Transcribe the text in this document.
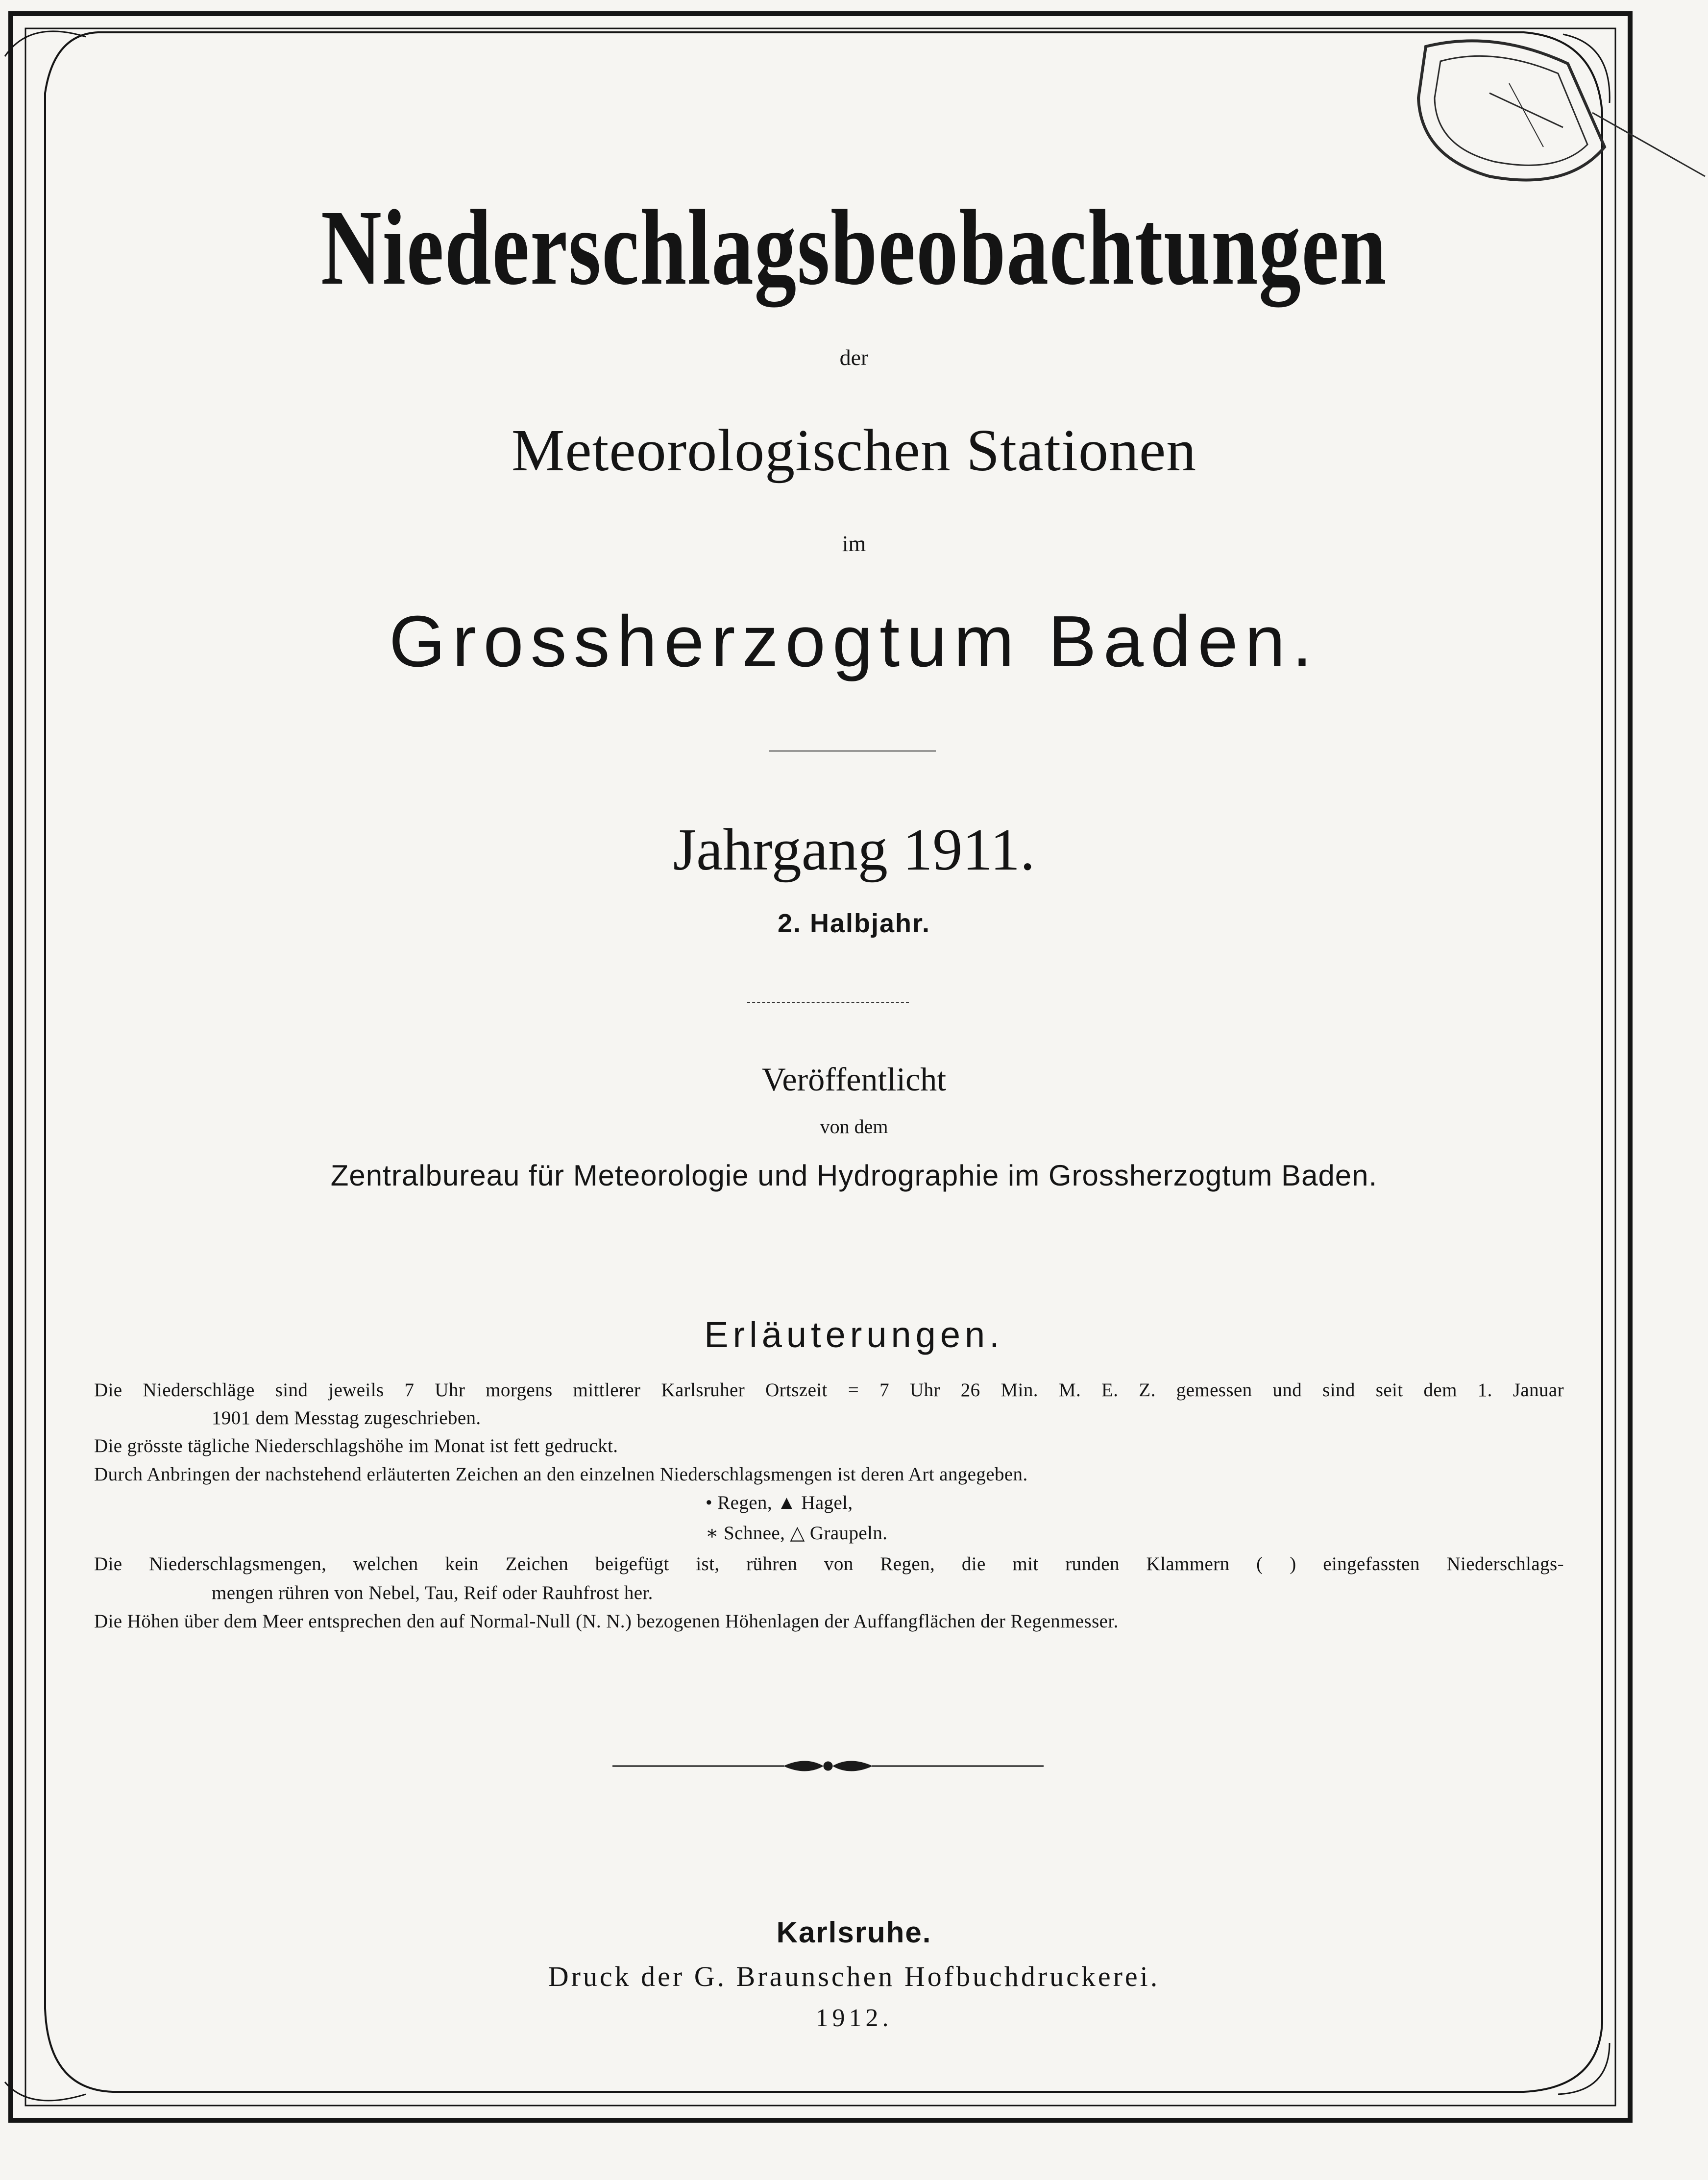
Niederschlagsbeobachtungen
der
Meteorologischen Stationen
im
Grossherzogtum Baden.
Jahrgang 1911.
2. Halbjahr.
Veröffentlicht
von dem
Zentralbureau für Meteorologie und Hydrographie im Grossherzogtum Baden.
Erläuterungen.
Die Niederschläge sind jeweils 7 Uhr morgens mittlerer Karlsruher Ortszeit = 7 Uhr 26 Min. M. E. Z. gemessen und sind seit dem 1. Januar
1901 dem Messtag zugeschrieben.
Die grösste tägliche Niederschlagshöhe im Monat ist fett gedruckt.
Durch Anbringen der nachstehend erläuterten Zeichen an den einzelnen Niederschlagsmengen ist deren Art angegeben.
• Regen, ▲ Hagel,
∗ Schnee, △ Graupeln.
Die Niederschlagsmengen, welchen kein Zeichen beigefügt ist, rühren von Regen, die mit runden Klammern ( ) eingefassten Niederschlags-
mengen rühren von Nebel, Tau, Reif oder Rauhfrost her.
Die Höhen über dem Meer entsprechen den auf Normal-Null (N. N.) bezogenen Höhenlagen der Auffangflächen der Regenmesser.
Karlsruhe.
Druck der G. Braunschen Hofbuchdruckerei.
1912.
